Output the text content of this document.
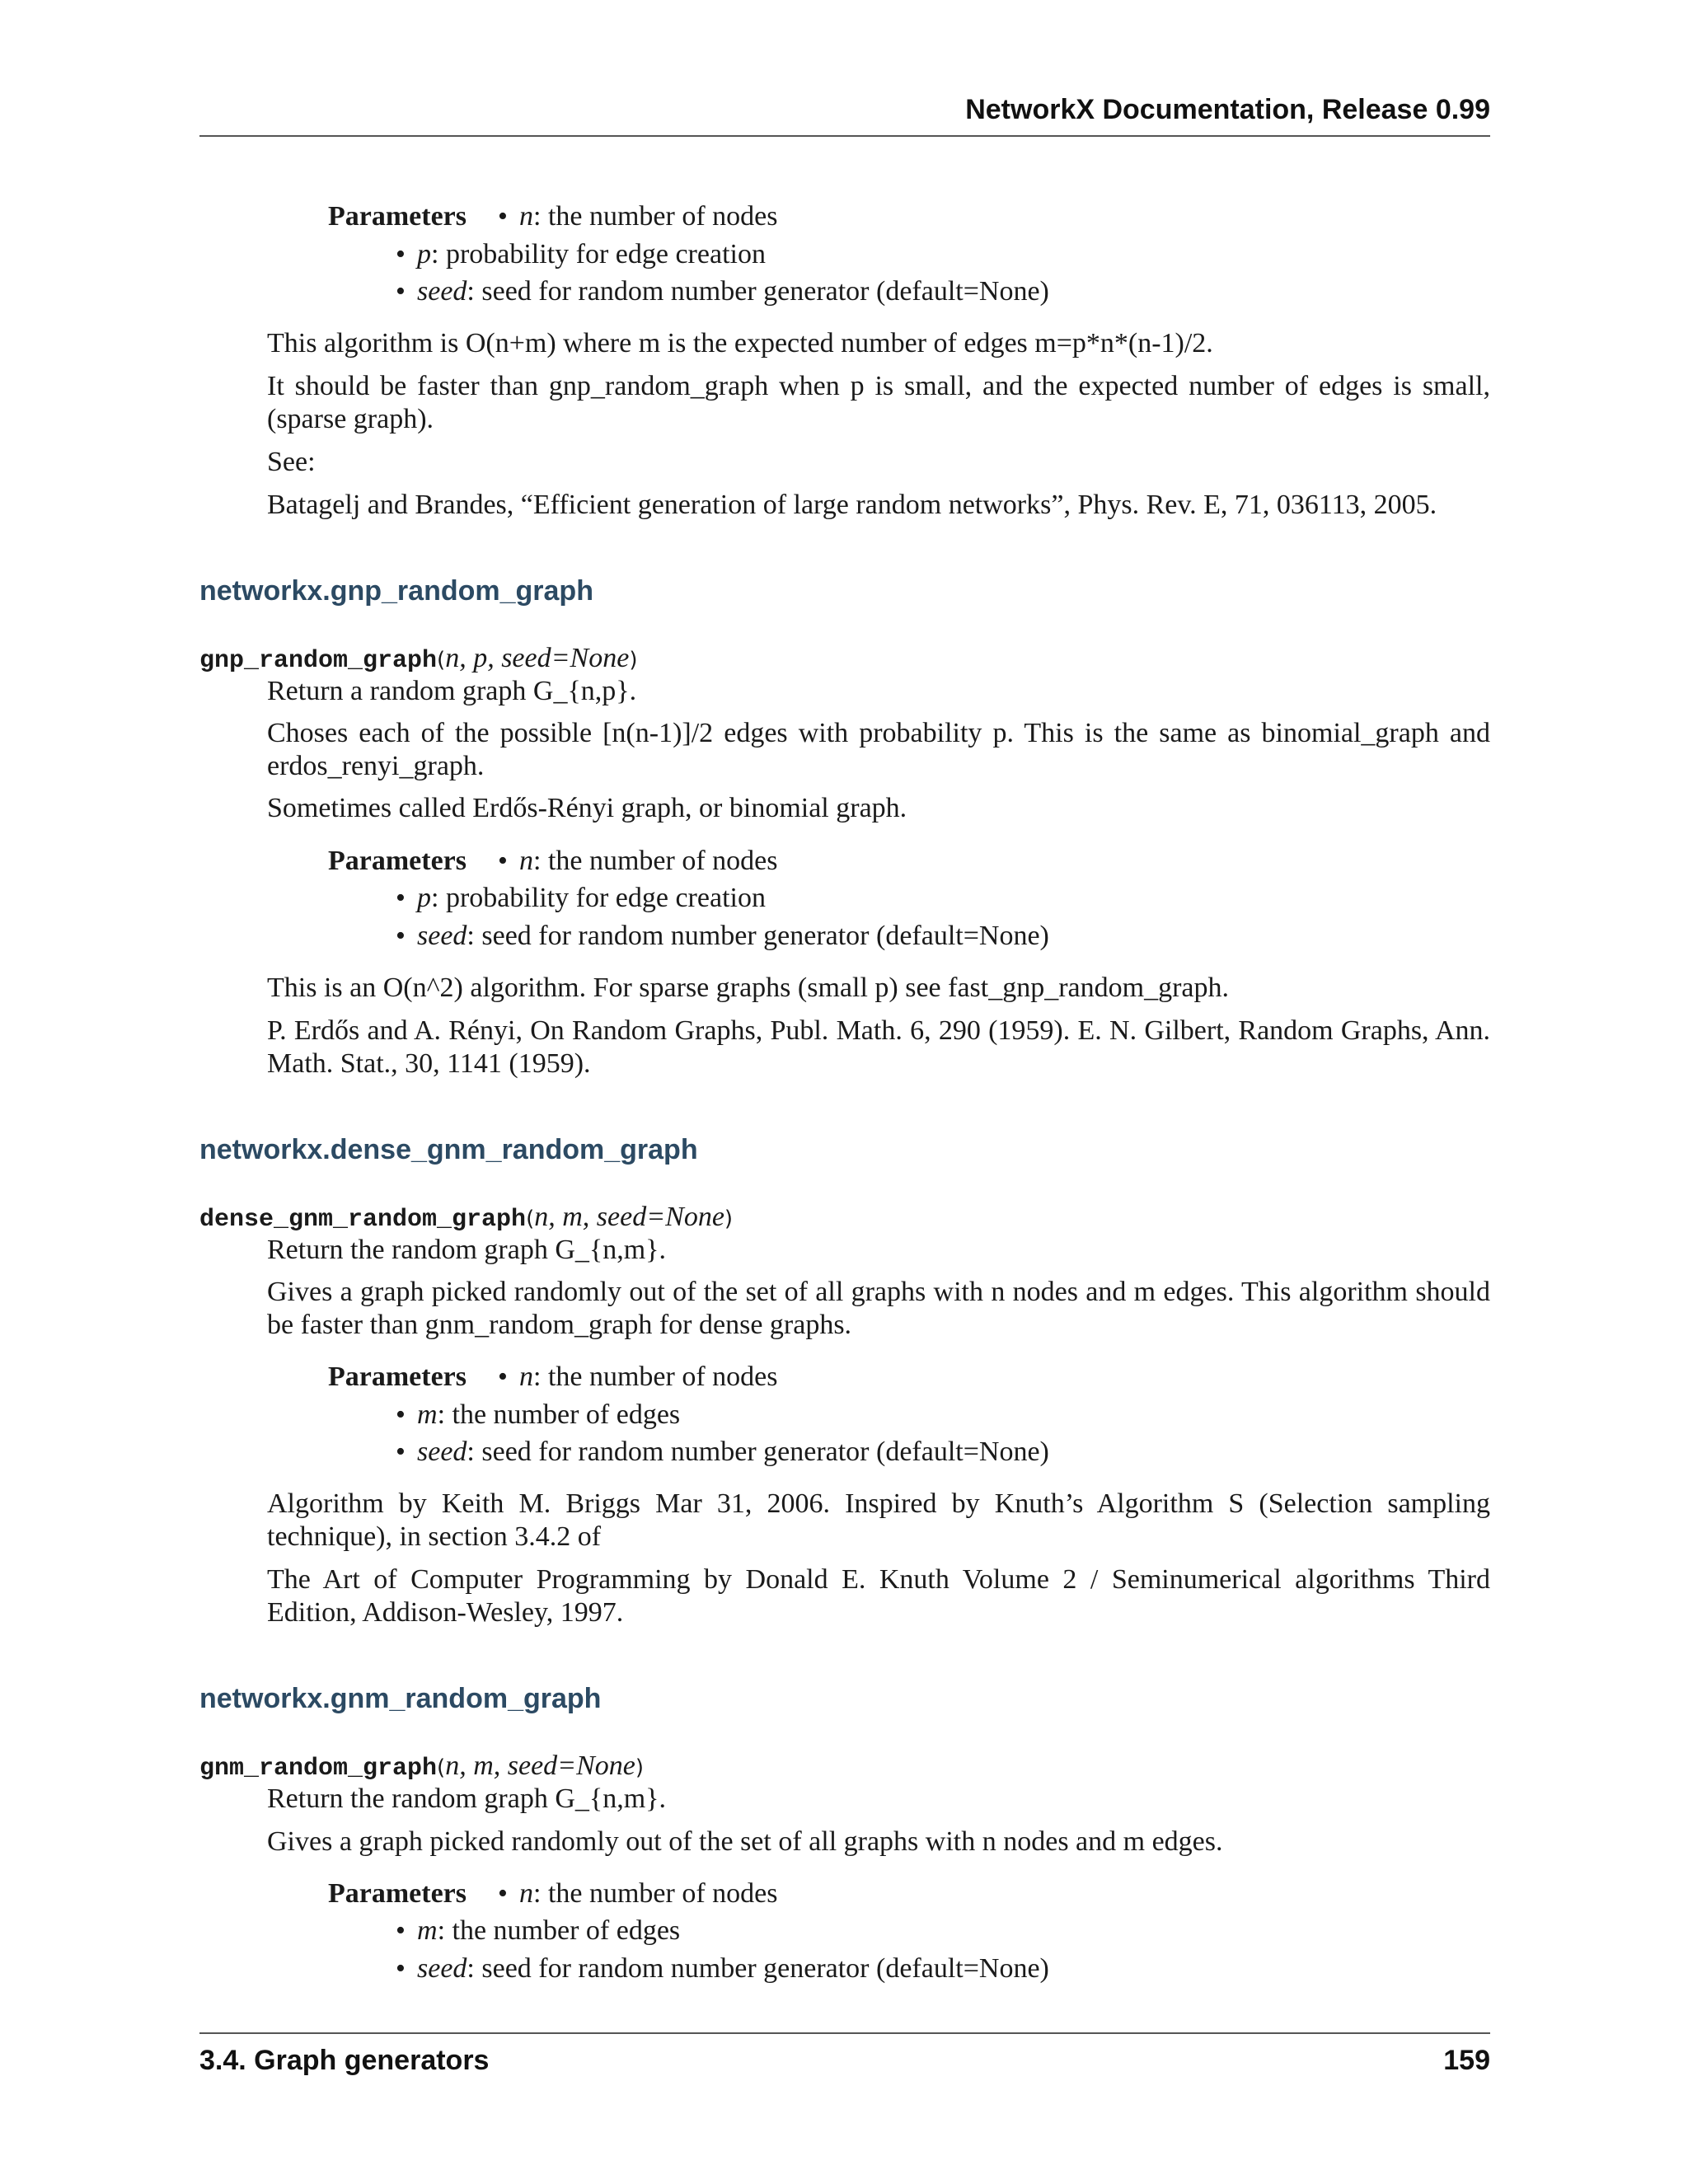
NetworkX Documentation, Release 0.99
Parameters • n: the number of nodes
• p: probability for edge creation
• seed: seed for random number generator (default=None)
This algorithm is O(n+m) where m is the expected number of edges m=p*n*(n-1)/2.
It should be faster than gnp_random_graph when p is small, and the expected number of edges is small, (sparse graph).
See:
Batagelj and Brandes, “Efficient generation of large random networks”, Phys. Rev. E, 71, 036113, 2005.
networkx.gnp_random_graph
gnp_random_graph(n, p, seed=None)
Return a random graph G_{n,p}.
Choses each of the possible [n(n-1)]/2 edges with probability p. This is the same as binomial_graph and erdos_renyi_graph.
Sometimes called Erdős-Rényi graph, or binomial graph.
Parameters • n: the number of nodes
• p: probability for edge creation
• seed: seed for random number generator (default=None)
This is an O(n^2) algorithm. For sparse graphs (small p) see fast_gnp_random_graph.
P. Erdős and A. Rényi, On Random Graphs, Publ. Math. 6, 290 (1959). E. N. Gilbert, Random Graphs, Ann. Math. Stat., 30, 1141 (1959).
networkx.dense_gnm_random_graph
dense_gnm_random_graph(n, m, seed=None)
Return the random graph G_{n,m}.
Gives a graph picked randomly out of the set of all graphs with n nodes and m edges. This algorithm should be faster than gnm_random_graph for dense graphs.
Parameters • n: the number of nodes
• m: the number of edges
• seed: seed for random number generator (default=None)
Algorithm by Keith M. Briggs Mar 31, 2006. Inspired by Knuth’s Algorithm S (Selection sampling technique), in section 3.4.2 of
The Art of Computer Programming by Donald E. Knuth Volume 2 / Seminumerical algorithms Third Edition, Addison-Wesley, 1997.
networkx.gnm_random_graph
gnm_random_graph(n, m, seed=None)
Return the random graph G_{n,m}.
Gives a graph picked randomly out of the set of all graphs with n nodes and m edges.
Parameters • n: the number of nodes
• m: the number of edges
• seed: seed for random number generator (default=None)
3.4. Graph generators	159
